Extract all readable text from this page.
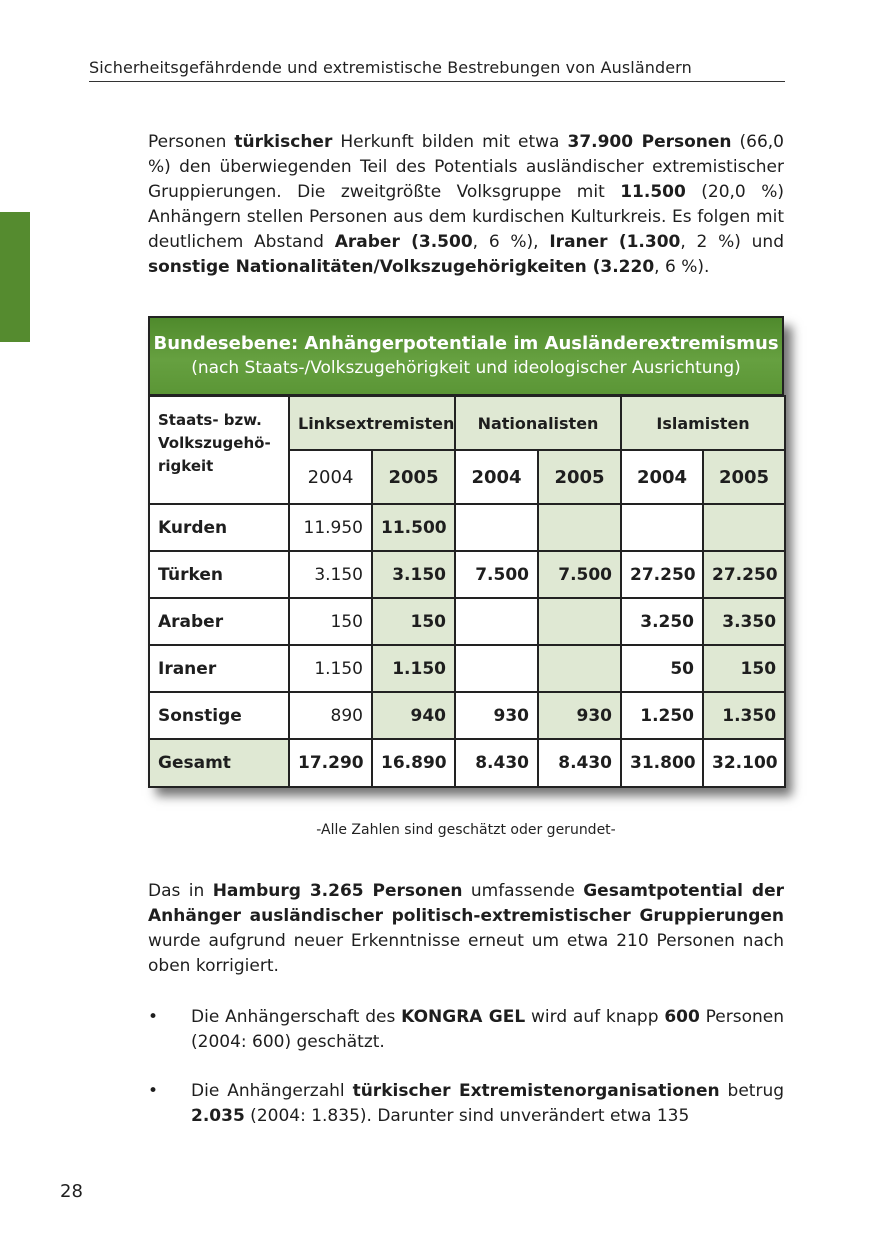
Sicherheitsgefährdende und extremistische Bestrebungen von Ausländern

Personen türkischer Herkunft bilden mit etwa 37.900 Personen (66,0 %) den überwiegenden Teil des Potentials ausländischer extremistischer Gruppierungen. Die zweitgrößte Volksgruppe mit 11.500 (20,0 %) Anhängern stellen Personen aus dem kurdischen Kulturkreis. Es folgen mit deutlichem Abstand Araber (3.500, 6 %), Iraner (1.300, 2 %) und sonstige Nationalitäten/Volkszugehörigkeiten (3.220, 6 %).

Bundesebene: Anhängerpotentiale im Ausländerextremismus
(nach Staats-/Volkszugehörigkeit und ideologischer Ausrichtung)
Staats- bzw. Volkszugehö-rigkeit	Linksextremisten		Nationalisten		Islamisten	
	2004	2005	2004	2005	2004	2005
Kurden	11.950	11.500				
Türken	3.150	3.150	7.500	7.500	27.250	27.250
Araber	150	150			3.250	3.350
Iraner	1.150	1.150			50	150
Sonstige	890	940	930	930	1.250	1.350
Gesamt	17.290	16.890	8.430	8.430	31.800	32.100
-Alle Zahlen sind geschätzt oder gerundet-

Das in Hamburg 3.265 Personen umfassende Gesamtpotential der Anhänger ausländischer politisch-extremistischer Gruppierungen wurde aufgrund neuer Erkenntnisse erneut um etwa 210 Personen nach oben korrigiert.

• Die Anhängerschaft des KONGRA GEL wird auf knapp 600 Personen (2004: 600) geschätzt.

• Die Anhängerzahl türkischer Extremistenorganisationen betrug 2.035 (2004: 1.835). Darunter sind unverändert etwa 135

28
